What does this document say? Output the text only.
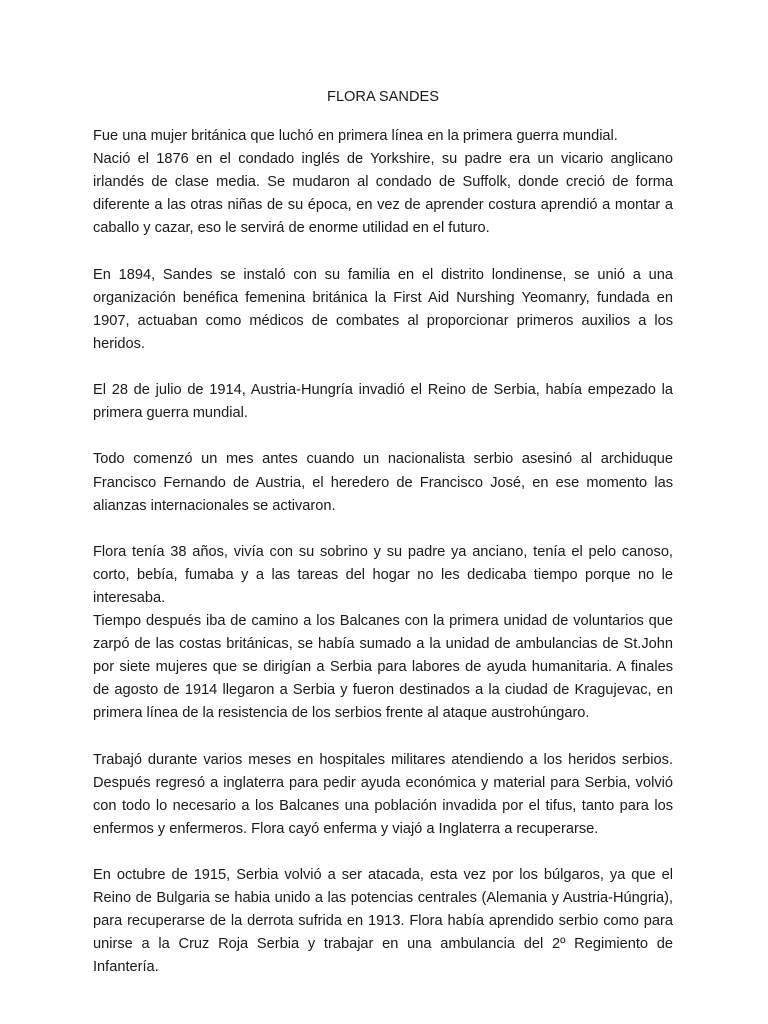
FLORA SANDES

Fue una mujer británica que luchó en primera línea en la primera guerra mundial.
Nació el 1876 en el condado inglés de Yorkshire, su padre era un vicario anglicano irlandés de clase media. Se mudaron al condado de Suffolk, donde creció de forma diferente a las otras niñas de su época, en vez de aprender costura aprendió a montar a caballo y cazar, eso le servirá de enorme utilidad en el futuro.

En 1894, Sandes se instaló con su familia en el distrito londinense, se unió a una organización benéfica femenina británica la First Aid Nurshing Yeomanry, fundada en 1907, actuaban como médicos de combates al proporcionar primeros auxilios a los heridos.

El 28 de julio de 1914, Austria-Hungría invadió el Reino de Serbia, había empezado la primera guerra mundial.

Todo comenzó un mes antes cuando un nacionalista serbio asesinó al archiduque Francisco Fernando de Austria, el heredero de Francisco José, en ese momento las alianzas internacionales se activaron.

Flora tenía 38 años, vivía con su sobrino y su padre ya anciano, tenía el pelo canoso, corto, bebía, fumaba y a las tareas del hogar no les dedicaba tiempo porque no le interesaba.
Tiempo después iba de camino a los Balcanes con la primera unidad de voluntarios que zarpó de las costas británicas, se había sumado a la unidad de ambulancias de St.John por siete mujeres que se dirigían a Serbia para labores de ayuda humanitaria. A finales de agosto de 1914 llegaron a Serbia y fueron destinados a la ciudad de Kragujevac, en primera línea de la resistencia de los serbios frente al ataque austrohúngaro.

Trabajó durante varios meses en hospitales militares atendiendo a los heridos serbios. Después regresó a inglaterra para pedir ayuda económica y material para Serbia, volvió con todo lo necesario a los Balcanes una población invadida por el tifus, tanto para los enfermos y enfermeros. Flora cayó enferma y viajó a Inglaterra a recuperarse.

En octubre de 1915, Serbia volvió a ser atacada, esta vez por los búlgaros, ya que el Reino de Bulgaria se habia unido a las potencias centrales (Alemania y Austria-Húngria), para recuperarse de la derrota sufrida en 1913. Flora había aprendido serbio como para unirse a la Cruz Roja Serbia y trabajar en una ambulancia del 2º Regimiento de Infantería.
